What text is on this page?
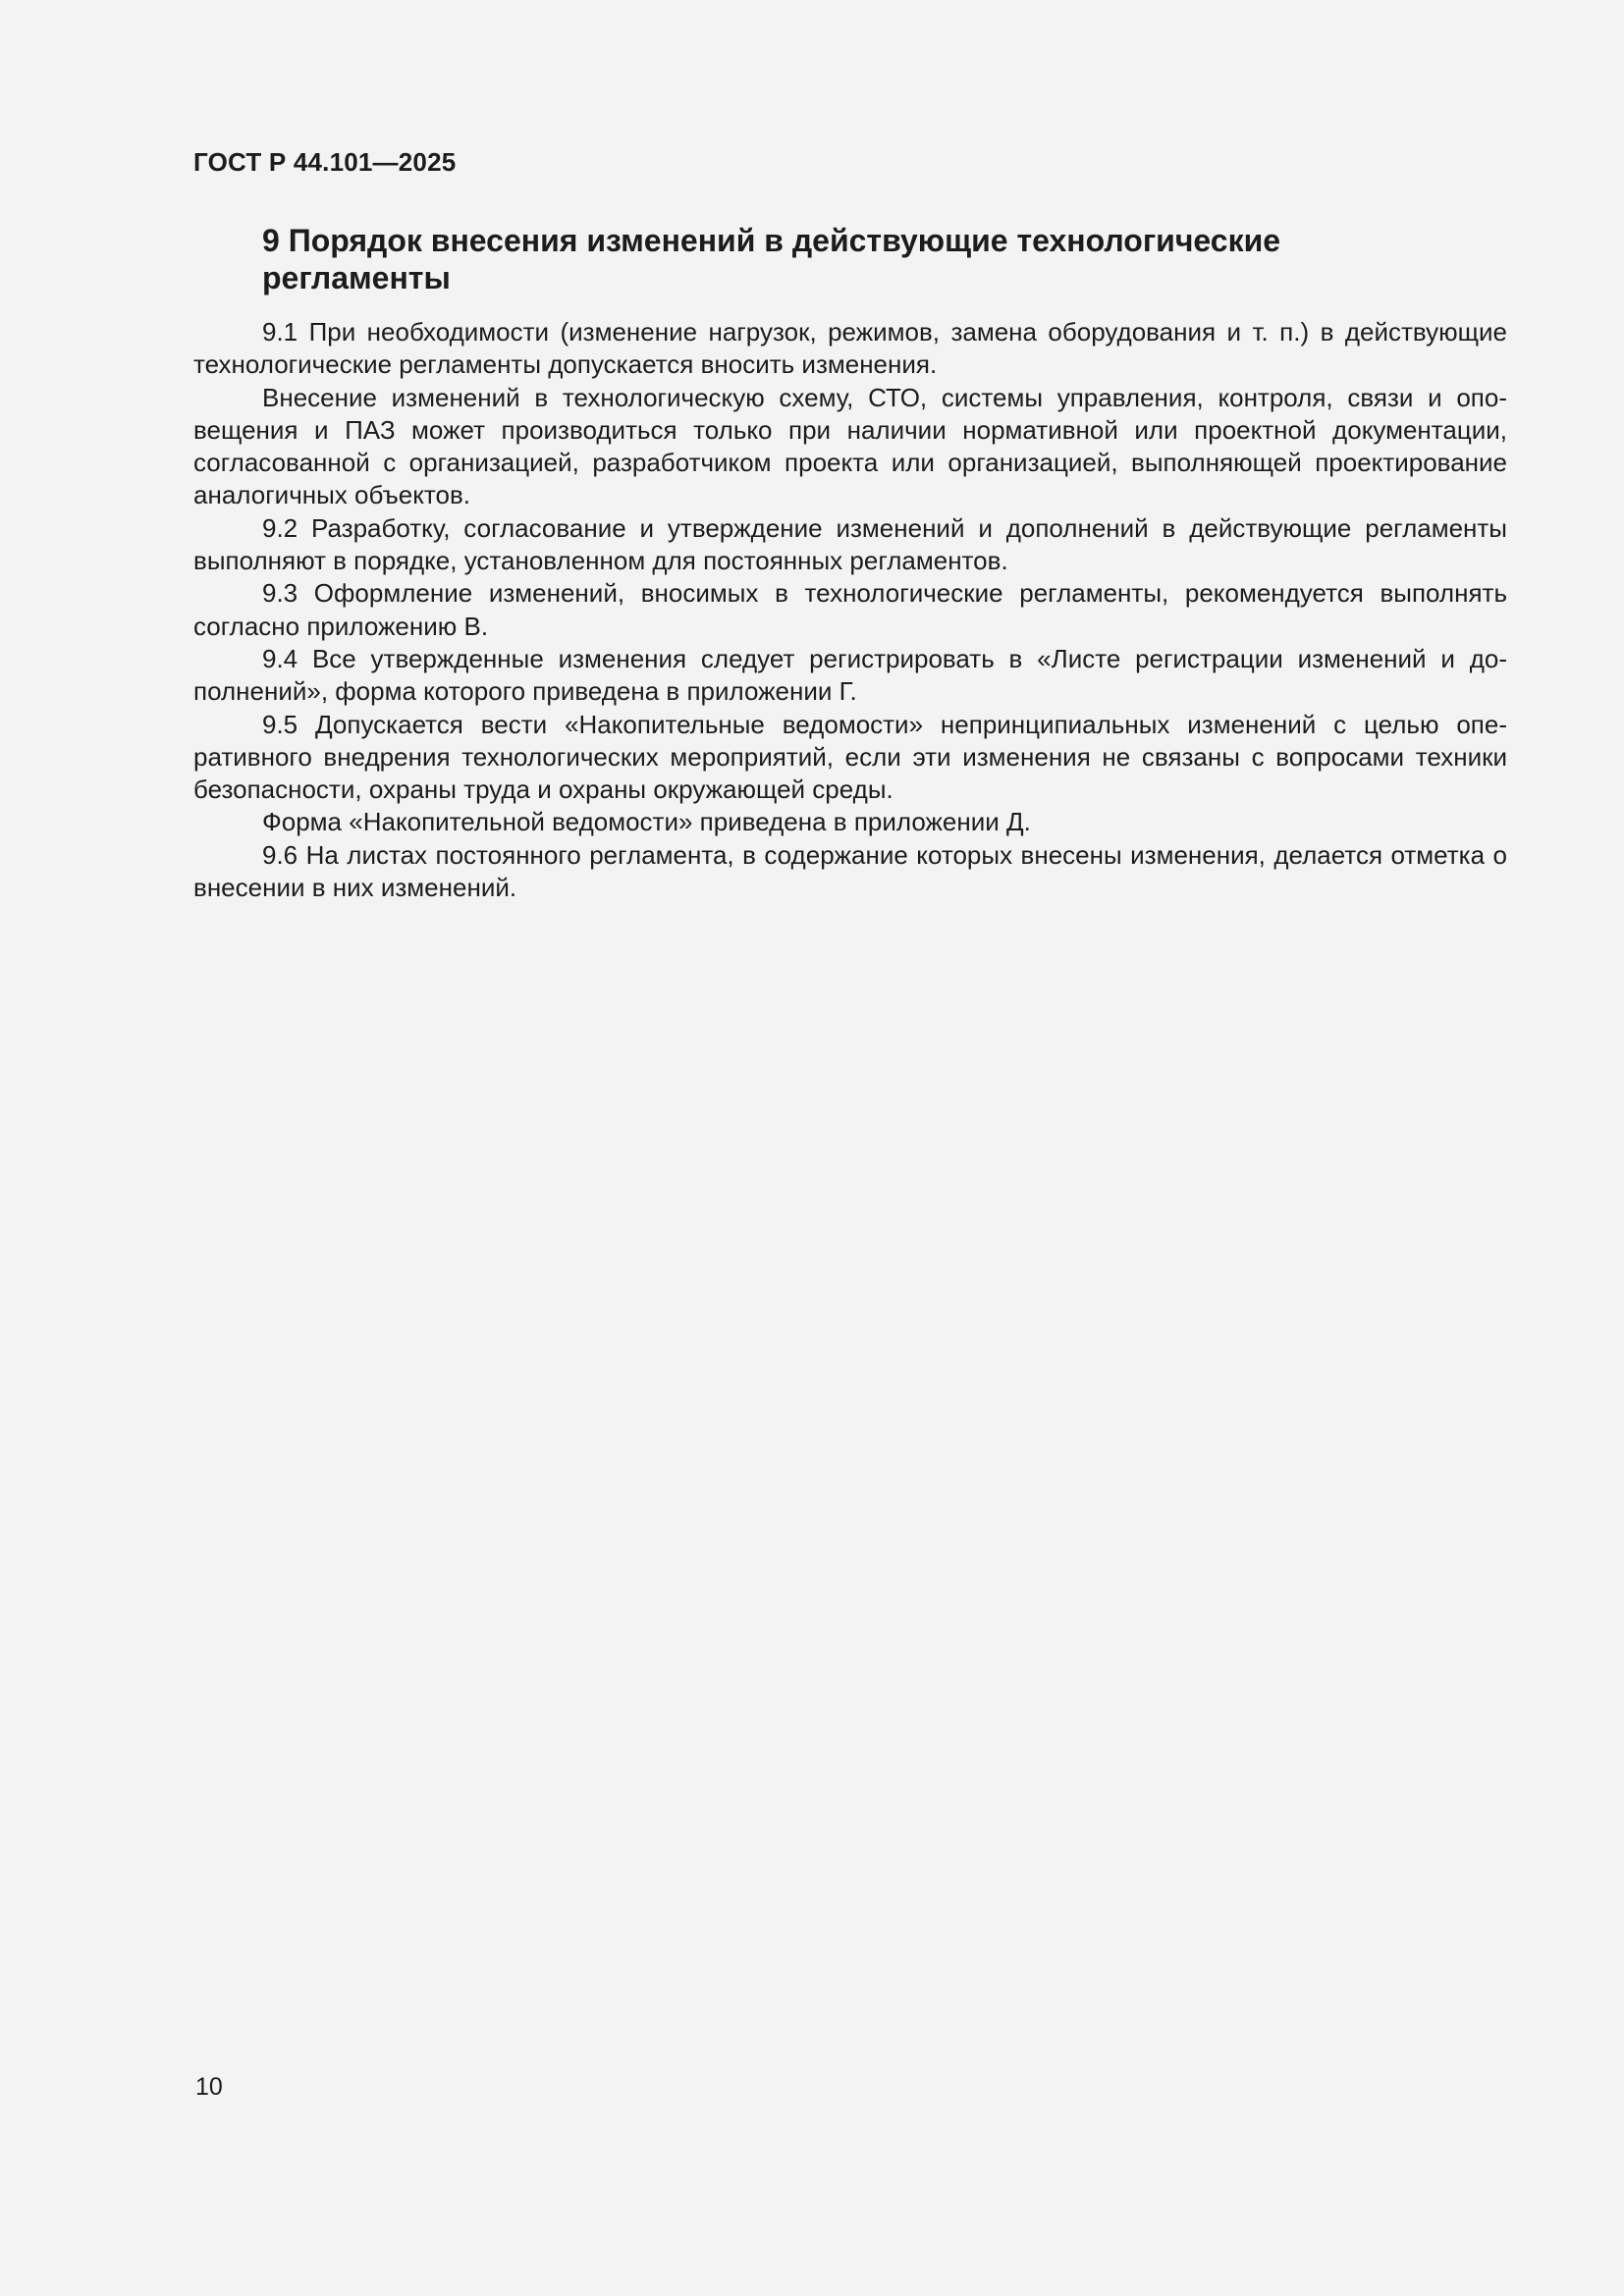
ГОСТ Р 44.101—2025
9 Порядок внесения изменений в действующие технологические
регламенты

9.1 При необходимости (изменение нагрузок, режимов, замена оборудования и т. п.) в действующие технологические регламенты допускается вносить изменения.

Внесение изменений в технологическую схему, СТО, системы управления, контроля, связи и оповещения и ПАЗ может производиться только при наличии нормативной или проектной документации, согласованной с организацией, разработчиком проекта или организацией, выполняющей проектирование аналогичных объектов.

9.2 Разработку, согласование и утверждение изменений и дополнений в действующие регламенты выполняют в порядке, установленном для постоянных регламентов.

9.3 Оформление изменений, вносимых в технологические регламенты, рекомендуется выполнять согласно приложению В.

9.4 Все утвержденные изменения следует регистрировать в «Листе регистрации изменений и дополнений», форма которого приведена в приложении Г.

9.5 Допускается вести «Накопительные ведомости» непринципиальных изменений с целью оперативного внедрения технологических мероприятий, если эти изменения не связаны с вопросами техники безопасности, охраны труда и охраны окружающей среды.

Форма «Накопительной ведомости» приведена в приложении Д.

9.6 На листах постоянного регламента, в содержание которых внесены изменения, делается отметка о внесении в них изменений.

10
